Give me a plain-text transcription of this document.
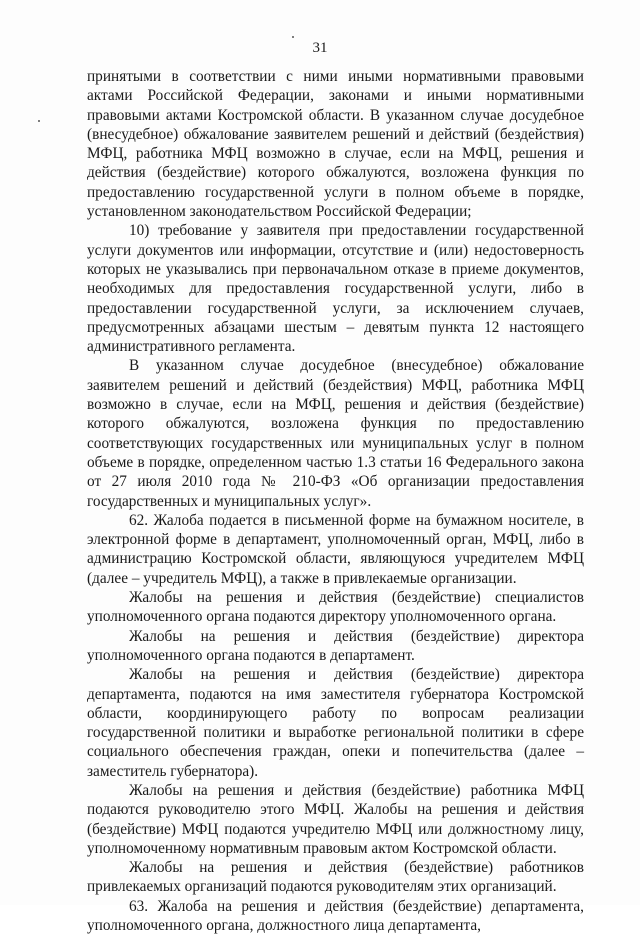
31

принятыми в соответствии с ними иными нормативными правовыми актами Российской Федерации, законами и иными нормативными правовыми актами Костромской области. В указанном случае досудебное (внесудебное) обжалование заявителем решений и действий (бездействия) МФЦ, работника МФЦ возможно в случае, если на МФЦ, решения и действия (бездействие) которого обжалуются, возложена функция по предоставлению государственной услуги в полном объеме в порядке, установленном законодательством Российской Федерации;

10) требование у заявителя при предоставлении государственной услуги документов или информации, отсутствие и (или) недостоверность которых не указывались при первоначальном отказе в приеме документов, необходимых для предоставления государственной услуги, либо в предоставлении государственной услуги, за исключением случаев, предусмотренных абзацами шестым – девятым пункта 12 настоящего административного регламента.

В указанном случае досудебное (внесудебное) обжалование заявителем решений и действий (бездействия) МФЦ, работника МФЦ возможно в случае, если на МФЦ, решения и действия (бездействие) которого обжалуются, возложена функция по предоставлению соответствующих государственных или муниципальных услуг в полном объеме в порядке, определенном частью 1.3 статьи 16 Федерального закона от 27 июля 2010 года № 210-ФЗ «Об организации предоставления государственных и муниципальных услуг».

62. Жалоба подается в письменной форме на бумажном носителе, в электронной форме в департамент, уполномоченный орган, МФЦ, либо в администрацию Костромской области, являющуюся учредителем МФЦ (далее – учредитель МФЦ), а также в привлекаемые организации.

Жалобы на решения и действия (бездействие) специалистов уполномоченного органа подаются директору уполномоченного органа.

Жалобы на решения и действия (бездействие) директора уполномоченного органа подаются в департамент.

Жалобы на решения и действия (бездействие) директора департамента, подаются на имя заместителя губернатора Костромской области, координирующего работу по вопросам реализации государственной политики и выработке региональной политики в сфере социального обеспечения граждан, опеки и попечительства (далее – заместитель губернатора).

Жалобы на решения и действия (бездействие) работника МФЦ подаются руководителю этого МФЦ. Жалобы на решения и действия (бездействие) МФЦ подаются учредителю МФЦ или должностному лицу, уполномоченному нормативным правовым актом Костромской области.

Жалобы на решения и действия (бездействие) работников привлекаемых организаций подаются руководителям этих организаций.

63. Жалоба на решения и действия (бездействие) департамента, уполномоченного органа, должностного лица департамента,
